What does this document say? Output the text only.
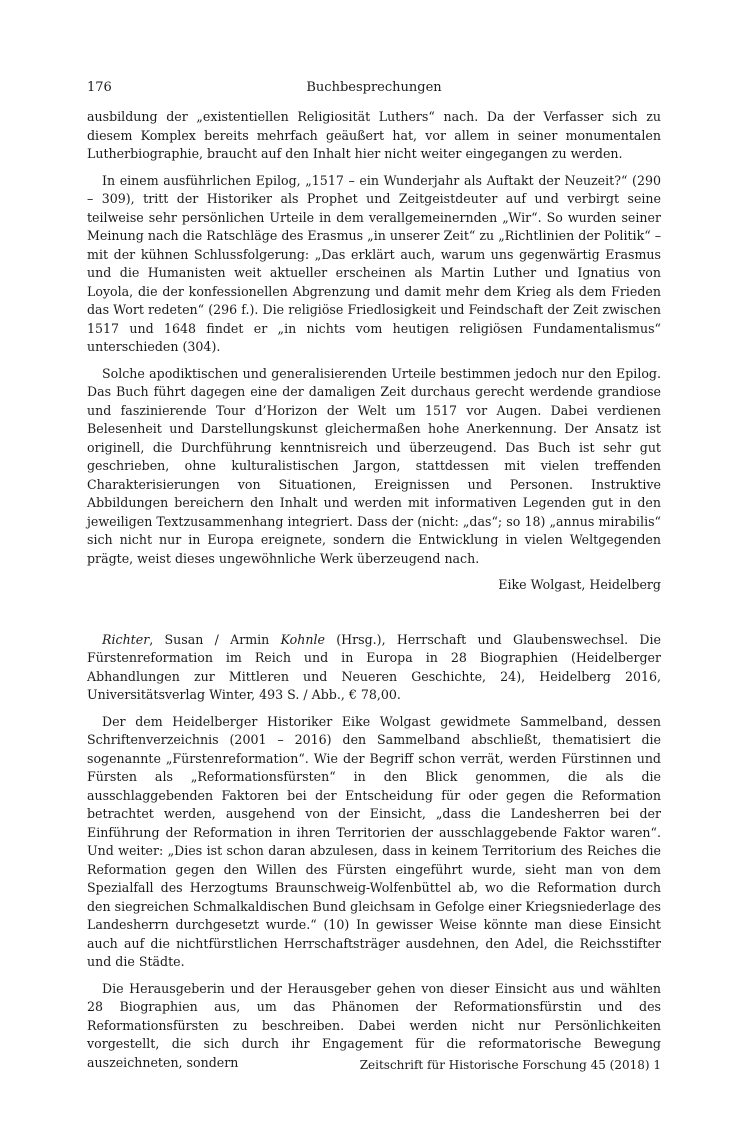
176	Buchbesprechungen

ausbildung der „existentiellen Religiosität Luthers“ nach. Da der Verfasser sich zu diesem Komplex bereits mehrfach geäußert hat, vor allem in seiner monumentalen Lutherbiographie, braucht auf den Inhalt hier nicht weiter eingegangen zu werden.

In einem ausführlichen Epilog, „1517 – ein Wunderjahr als Auftakt der Neuzeit?“ (290 – 309), tritt der Historiker als Prophet und Zeitgeistdeuter auf und verbirgt seine teilweise sehr persönlichen Urteile in dem verallgemeinernden „Wir“. So wurden seiner Meinung nach die Ratschläge des Erasmus „in unserer Zeit“ zu „Richtlinien der Politik“ – mit der kühnen Schlussfolgerung: „Das erklärt auch, warum uns gegenwärtig Erasmus und die Humanisten weit aktueller erscheinen als Martin Luther und Ignatius von Loyola, die der konfessionellen Abgrenzung und damit mehr dem Krieg als dem Frieden das Wort redeten“ (296 f.). Die religiöse Friedlosigkeit und Feindschaft der Zeit zwischen 1517 und 1648 findet er „in nichts vom heutigen religiösen Fundamentalismus“ unterschieden (304).

Solche apodiktischen und generalisierenden Urteile bestimmen jedoch nur den Epilog. Das Buch führt dagegen eine der damaligen Zeit durchaus gerecht werdende grandiose und faszinierende Tour d’Horizon der Welt um 1517 vor Augen. Dabei verdienen Belesenheit und Darstellungskunst gleichermaßen hohe Anerkennung. Der Ansatz ist originell, die Durchführung kenntnisreich und überzeugend. Das Buch ist sehr gut geschrieben, ohne kulturalistischen Jargon, stattdessen mit vielen treffenden Charakterisierungen von Situationen, Ereignissen und Personen. Instruktive Abbildungen bereichern den Inhalt und werden mit informativen Legenden gut in den jeweiligen Textzusammenhang integriert. Dass der (nicht: „das“; so 18) „annus mirabilis“ sich nicht nur in Europa ereignete, sondern die Entwicklung in vielen Weltgegenden prägte, weist dieses ungewöhnliche Werk überzeugend nach.

Eike Wolgast, Heidelberg

Richter, Susan / Armin Kohnle (Hrsg.), Herrschaft und Glaubenswechsel. Die Fürstenreformation im Reich und in Europa in 28 Biographien (Heidelberger Abhandlungen zur Mittleren und Neueren Geschichte, 24), Heidelberg 2016, Universitätsverlag Winter, 493 S. / Abb., € 78,00.

Der dem Heidelberger Historiker Eike Wolgast gewidmete Sammelband, dessen Schriftenverzeichnis (2001 – 2016) den Sammelband abschließt, thematisiert die sogenannte „Fürstenreformation“. Wie der Begriff schon verrät, werden Fürstinnen und Fürsten als „Reformationsfürsten“ in den Blick genommen, die als die ausschlaggebenden Faktoren bei der Entscheidung für oder gegen die Reformation betrachtet werden, ausgehend von der Einsicht, „dass die Landesherren bei der Einführung der Reformation in ihren Territorien der ausschlaggebende Faktor waren“. Und weiter: „Dies ist schon daran abzulesen, dass in keinem Territorium des Reiches die Reformation gegen den Willen des Fürsten eingeführt wurde, sieht man von dem Spezialfall des Herzogtums Braunschweig-Wolfenbüttel ab, wo die Reformation durch den siegreichen Schmalkaldischen Bund gleichsam in Gefolge einer Kriegsniederlage des Landesherrn durchgesetzt wurde.“ (10) In gewisser Weise könnte man diese Einsicht auch auf die nichtfürstlichen Herrschaftsträger ausdehnen, den Adel, die Reichsstifter und die Städte.

Die Herausgeberin und der Herausgeber gehen von dieser Einsicht aus und wählten 28 Biographien aus, um das Phänomen der Reformationsfürstin und des Reformationsfürsten zu beschreiben. Dabei werden nicht nur Persönlichkeiten vorgestellt, die sich durch ihr Engagement für die reformatorische Bewegung auszeichneten, sondern	Zeitschrift für Historische Forschung 45 (2018) 1
